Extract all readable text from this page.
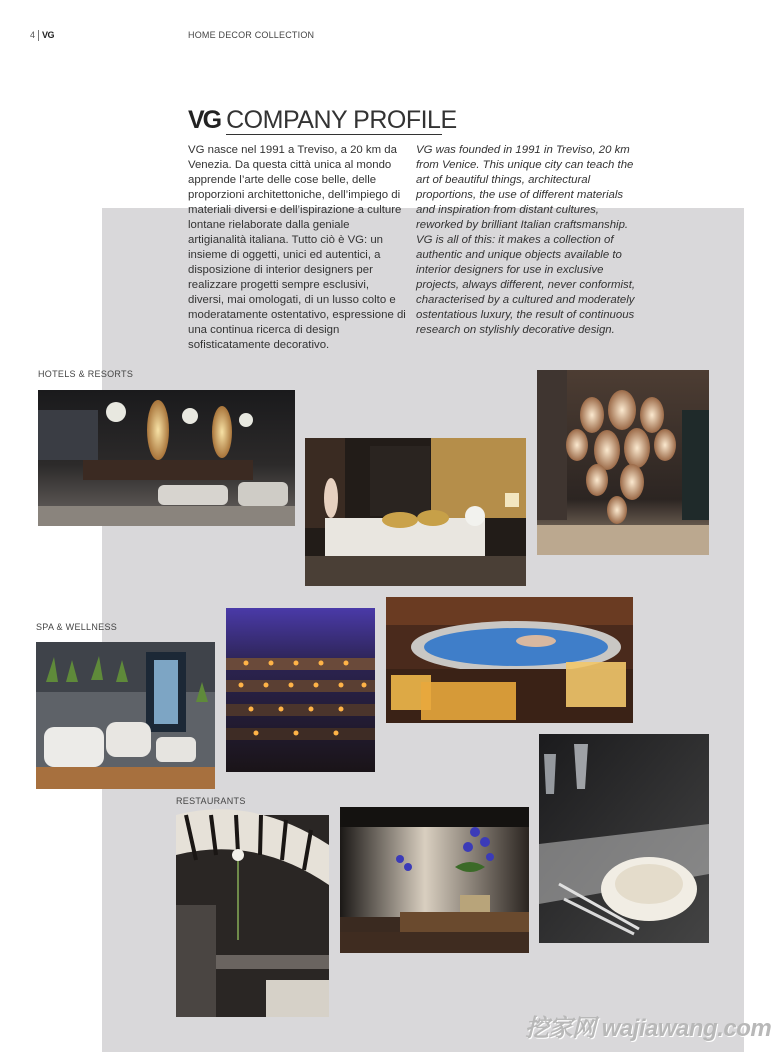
4 VG	HOME DECOR COLLECTION
VG COMPANY PROFILE
VG nasce nel 1991 a Treviso, a 20 km da Venezia. Da questa città unica al mondo apprende l’arte delle cose belle, delle proporzioni architettoniche, dell’impiego di materiali diversi e dell’ispirazione a culture lontane rielaborate dalla geniale artigianalità italiana. Tutto ciò è VG: un insieme di oggetti, unici ed autentici, a disposizione di interior designers per realizzare progetti sempre esclusivi, diversi, mai omologati, di un lusso colto e moderatamente ostentativo, espressione di una continua ricerca di design sofisticatamente decorativo.
VG was founded in 1991 in Treviso, 20 km from Venice. This unique city can teach the art of beautiful things, architectural proportions, the use of different materials and inspiration from distant cultures, reworked by brilliant Italian craftsmanship. VG is all of this: it makes a collection of authentic and unique objects available to interior designers for use in exclusive projects, always different, never conformist, characterised by a cultured and moderately ostentatious luxury, the result of continuous research on stylishly decorative design.
HOTELS & RESORTS
SPA & WELLNESS
RESTAURANTS
挖家网 wajiawang.com
